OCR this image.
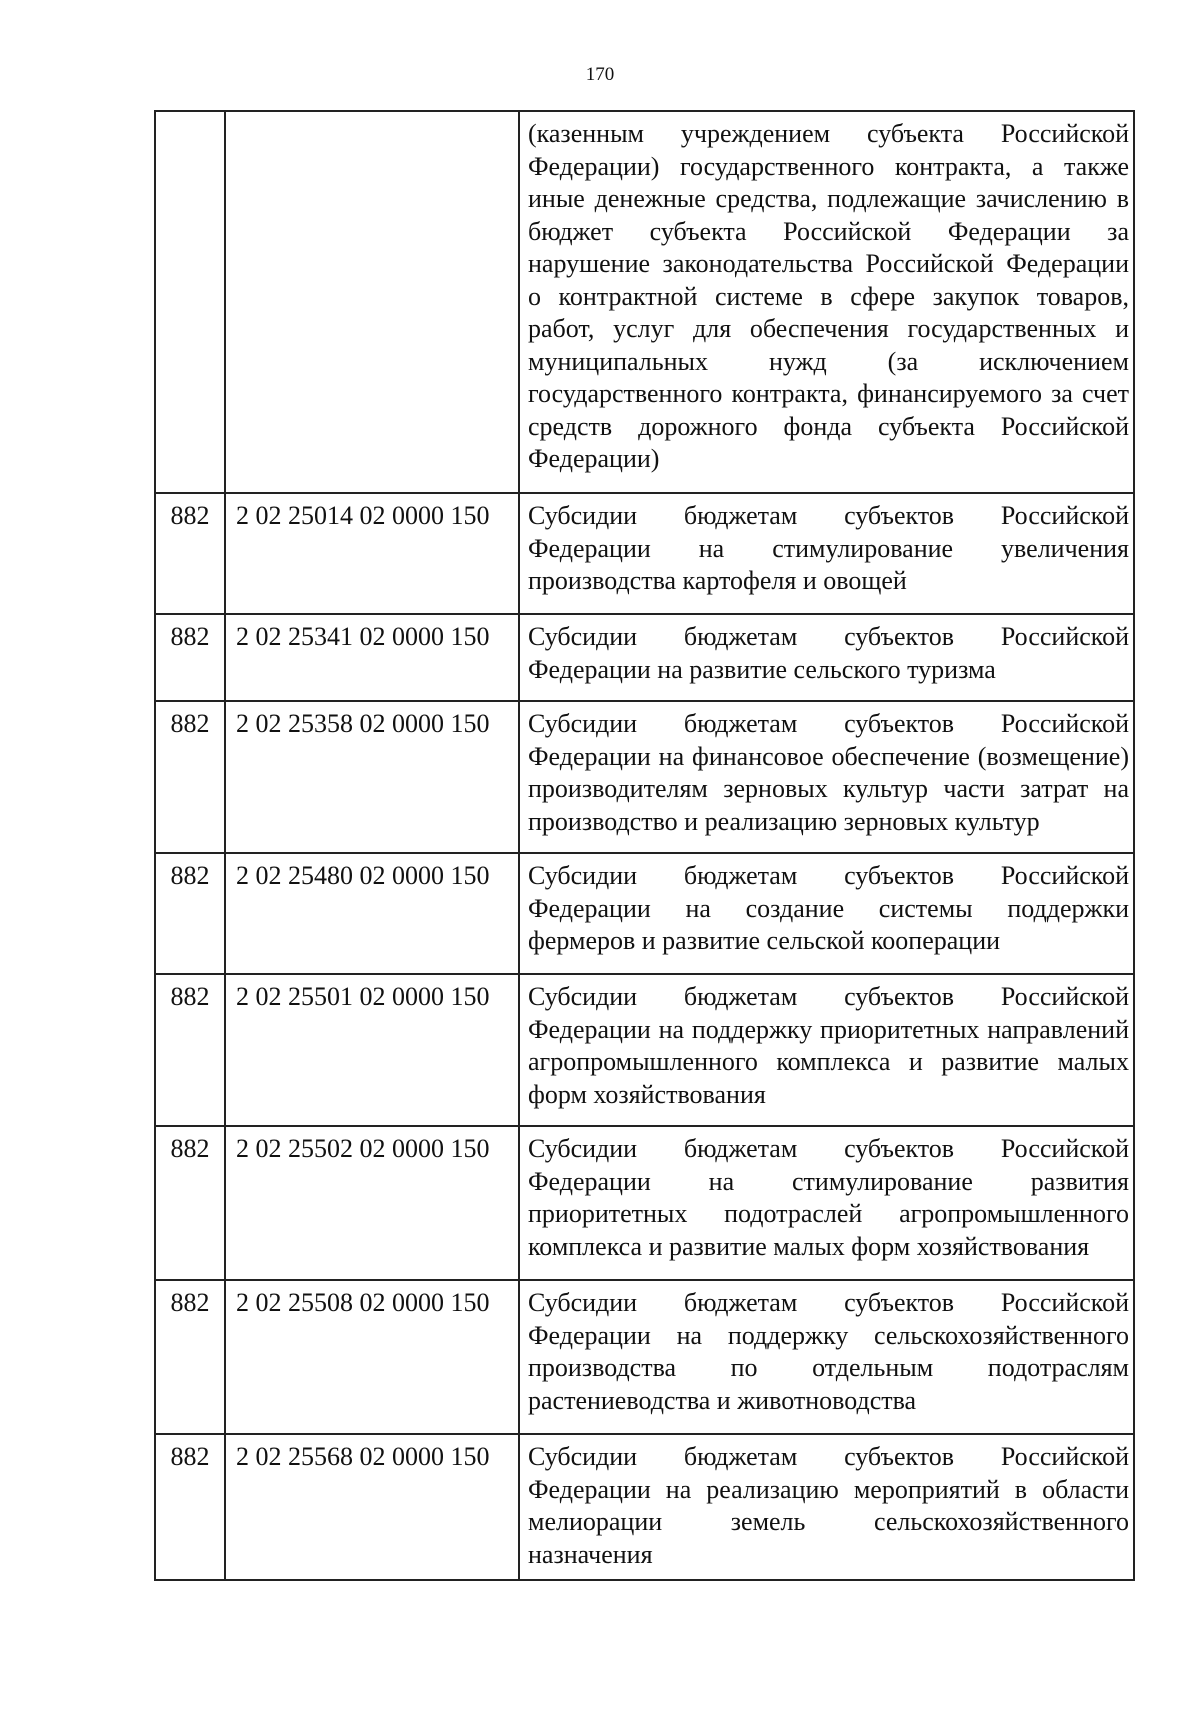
170

		(казенным учреждением субъекта Российской Федерации) государственного контракта, а также иные денежные средства, подлежащие зачислению в бюджет субъекта Российской Федерации за нарушение законодательства Российской Федерации о контрактной системе в сфере закупок товаров, работ, услуг для обеспечения государственных и муниципальных нужд (за исключением государственного контракта, финансируемого за счет средств дорожного фонда субъекта Российской Федерации)

882	2 02 25014 02 0000 150	Субсидии бюджетам субъектов Российской Федерации на стимулирование увеличения производства картофеля и овощей

882	2 02 25341 02 0000 150	Субсидии бюджетам субъектов Российской Федерации на развитие сельского туризма

882	2 02 25358 02 0000 150	Субсидии бюджетам субъектов Российской Федерации на финансовое обеспечение (возмещение) производителям зерновых культур части затрат на производство и реализацию зерновых культур

882	2 02 25480 02 0000 150	Субсидии бюджетам субъектов Российской Федерации на создание системы поддержки фермеров и развитие сельской кооперации

882	2 02 25501 02 0000 150	Субсидии бюджетам субъектов Российской Федерации на поддержку приоритетных направлений агропромышленного комплекса и развитие малых форм хозяйствования

882	2 02 25502 02 0000 150	Субсидии бюджетам субъектов Российской Федерации на стимулирование развития приоритетных подотраслей агропромышленного комплекса и развитие малых форм хозяйствования

882	2 02 25508 02 0000 150	Субсидии бюджетам субъектов Российской Федерации на поддержку сельскохозяйственного производства по отдельным подотраслям растениеводства и животноводства

882	2 02 25568 02 0000 150	Субсидии бюджетам субъектов Российской Федерации на реализацию мероприятий в области мелиорации земель сельскохозяйственного назначения
